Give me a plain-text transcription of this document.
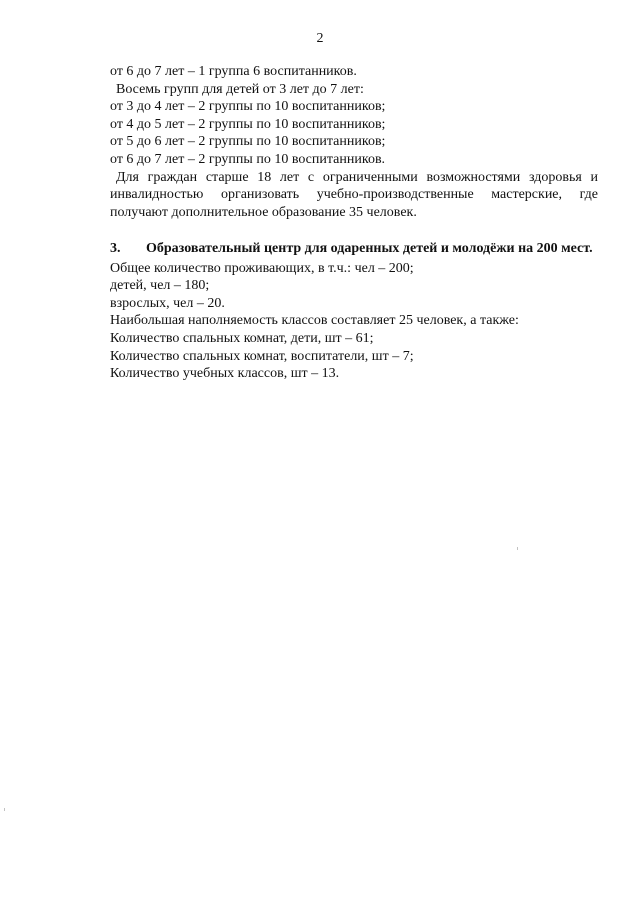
2
от 6 до 7 лет – 1 группа 6 воспитанников.
Восемь групп для детей от 3 лет до 7 лет:
от 3 до 4 лет – 2 группы по 10 воспитанников;
от 4 до 5 лет – 2 группы по 10 воспитанников;
от 5 до 6 лет – 2 группы по 10 воспитанников;
от 6 до 7 лет – 2 группы по 10 воспитанников.
Для граждан старше 18 лет с ограниченными возможностями здоровья и инвалидностью организовать учебно-производственные мастерские, где получают дополнительное образование 35 человек.
3.	Образовательный центр для одаренных детей и молодёжи на 200 мест.
Общее количество проживающих, в т.ч.: чел – 200;
детей, чел – 180;
взрослых, чел – 20.
Наибольшая наполняемость классов составляет 25 человек, а также:
Количество спальных комнат, дети, шт – 61;
Количество спальных комнат, воспитатели, шт – 7;
Количество учебных классов, шт – 13.
